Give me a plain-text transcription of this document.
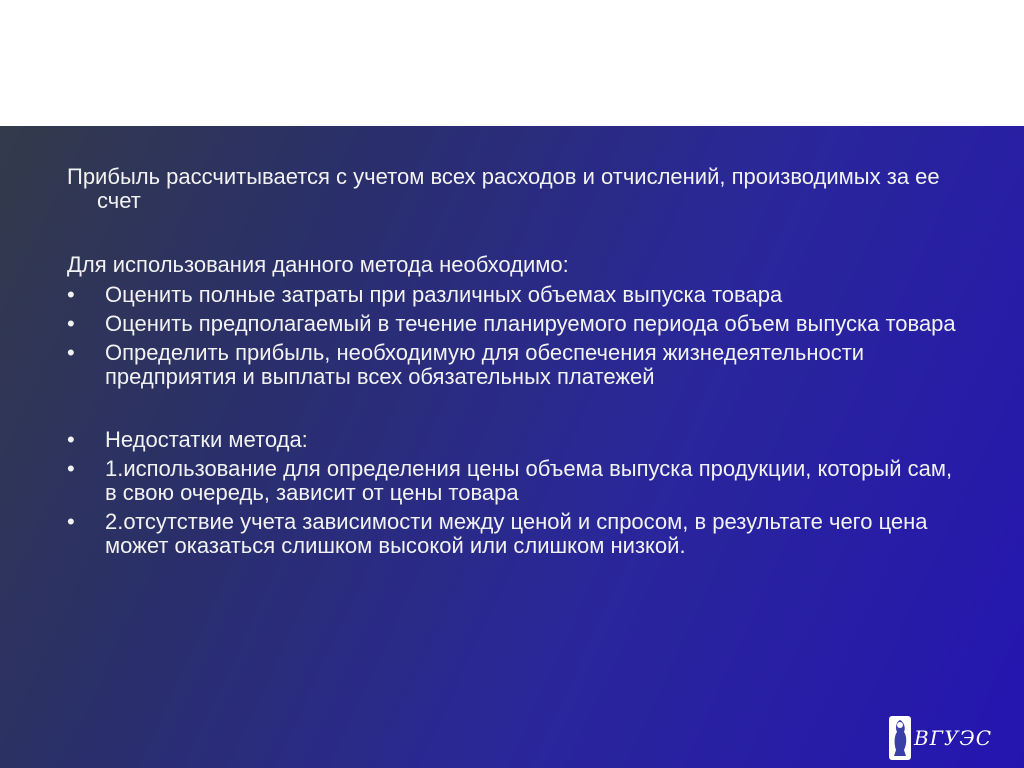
Прибыль рассчитывается с учетом всех расходов и отчислений, производимых за ее счет

Для использования данного метода необходимо:

• Оценить полные затраты при различных объемах выпуска товара
• Оценить предполагаемый в течение планируемого периода объем выпуска товара
• Определить прибыль, необходимую для обеспечения жизнедеятельности предприятия и выплаты всех обязательных платежей
• Недостатки метода:
• 1.использование для определения цены объема выпуска продукции, который сам, в свою очередь, зависит от цены товара
• 2.отсутствие учета зависимости между ценой и спросом, в результате чего цена может оказаться слишком высокой или слишком низкой.
ВГУЭС
